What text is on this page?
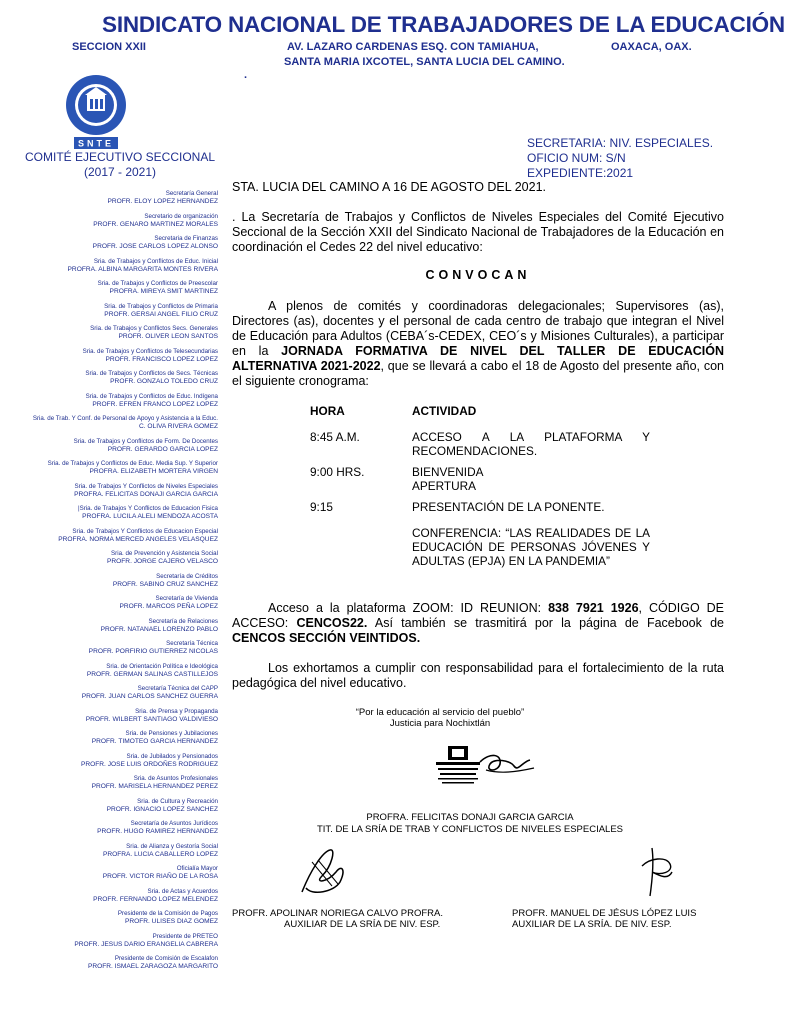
SINDICATO NACIONAL DE TRABAJADORES DE LA EDUCACIÓN
SECCION XXII	AV. LAZARO CARDENAS ESQ. CON TAMIAHUA,	OAXACA, OAX.
SANTA MARIA IXCOTEL, SANTA LUCIA DEL CAMINO.
.
SNTE
COMITÉ EJECUTIVO SECCIONAL
(2017 - 2021)
SECRETARIA: NIV. ESPECIALES.
OFICIO NUM: S/N
EXPEDIENTE:2021
Secretaría General
PROFR. ELOY LOPEZ HERNANDEZ
Secretario de organización
PROFR. GENARO MARTINEZ MORALES
Secretaria de Finanzas
PROFR. JOSE CARLOS LOPEZ ALONSO
Sria. de Trabajos y Conflictos de Educ. Inicial
PROFRA. ALBINA MARGARITA MONTES RIVERA
Sria. de Trabajos y Conflictos de Preescolar
PROFRA. MIREYA SMIT MARTINEZ
Sria. de Trabajos y Conflictos de Primaria
PROFR. GERSAI ANGEL FILIO CRUZ
Sria. de Trabajos y Conflictos Secs. Generales
PROFR. OLIVER LEON SANTOS
Sria. de Trabajos y Conflictos de Telesecundarias
PROFR. FRANCISCO LOPEZ LOPEZ
Sria. de Trabajos y Conflictos de Secs. Técnicas
PROFR. GONZALO TOLEDO CRUZ
Sria. de Trabajos y Conflictos de Educ. Indígena
PROFR. EFREN FRANCO LOPEZ LOPEZ
Sria. de Trab. Y Conf. de Personal de Apoyo y Asistencia a la Educ.
C. OLIVA RIVERA GOMEZ
Sria. de Trabajos y Conflictos de Form. De Docentes
PROFR. GERARDO GARCIA LOPEZ
Sria. de Trabajos y Conflictos de Educ. Media Sup. Y Superior
PROFRA. ELIZABETH MORTERA VIRGEN
Sria. de Trabajos Y Conflictos de Niveles Especiales
PROFRA. FELICITAS DONAJI GARCIA GARCIA
|Sria. de Trabajos Y Conflictos de Educacion Fisica
PROFRA. LUCILA ALELI MENDOZA ACOSTA
Sria. de Trabajos Y Conflictos de Educacion Especial
PROFRA. NORMA MERCED ANGELES VELASQUEZ
Sria. de Prevención y Asistencia Social
PROFR. JORGE CAJERO VELASCO
Secretaría de Créditos
PROFR. SABINO CRUZ SANCHEZ
Secretaría de Vivienda
PROFR. MARCOS PEÑA LOPEZ
Secretaría de Relaciones
PROFR. NATANAEL LORENZO PABLO
Secretaría Técnica
PROFR. PORFIRIO GUTIERREZ NICOLAS
Sria. de Orientación Política e Ideológica
PROFR. GERMAN SALINAS CASTILLEJOS
Secretaría Técnica del CAPP
PROFR. JUAN CARLOS SANCHEZ GUERRA
Sria. de Prensa y Propaganda
PROFR. WILBERT SANTIAGO VALDIVIESO
Sria. de Pensiones y Jubilaciones
PROFR. TIMOTEO GARCIA HERNANDEZ
Sria. de Jubilados y Pensionados
PROFR. JOSE LUIS ORDOÑES RODRIGUEZ
Sria. de Asuntos Profesionales
PROFR. MARISELA HERNANDEZ PEREZ
Sria. de Cultura y Recreación
PROFR. IGNACIO LOPEZ SANCHEZ
Secretaría de Asuntos Jurídicos
PROFR. HUGO RAMIREZ HERNANDEZ
Sria. de Alianza y Gestoría Social
PROFRA. LUCIA CABALLERO LOPEZ
Oficialía Mayor
PROFR. VICTOR RIAÑO DE LA ROSA
Sria. de Actas y Acuerdos
PROFR. FERNANDO LOPEZ MELENDEZ
Presidente de la Comisión de Pagos
PROFR. ULISES DIAZ GOMEZ
Presidente de PRETEO
PROFR. JESUS DARIO ERANGELIA CABRERA
Presidente de Comisión de Escalafon
PROFR. ISMAEL ZARAGOZA MARGARITO
STA. LUCIA DEL CAMINO A 16 DE AGOSTO DEL 2021.
. La Secretaría de Trabajos y Conflictos de Niveles Especiales del Comité Ejecutivo Seccional de la Sección XXII del Sindicato Nacional de Trabajadores de la Educación en coordinación el Cedes 22 del nivel educativo:
CONVOCAN
A plenos de comités y coordinadoras delegacionales; Supervisores (as), Directores (as), docentes y el personal de cada centro de trabajo que integran el Nivel de Educación para Adultos (CEBA´s-CEDEX, CEO´s y Misiones Culturales), a participar en la JORNADA FORMATIVA DE NIVEL DEL TALLER DE EDUCACIÓN ALTERNATIVA 2021-2022, que se llevará a cabo el 18 de Agosto del presente año, con el siguiente cronograma:
HORA	ACTIVIDAD
8:45 A.M.	ACCESO A LA PLATAFORMA Y RECOMENDACIONES.
9:00 HRS.	BIENVENIDA
APERTURA
9:15	PRESENTACIÓN DE LA PONENTE.
CONFERENCIA: “LAS REALIDADES DE LA EDUCACIÓN DE PERSONAS JÓVENES Y ADULTAS (EPJA) EN LA PANDEMIA”
Acceso a la plataforma ZOOM: ID REUNION: 838 7921 1926, CÓDIGO DE ACCESO: CENCOS22. Así también se trasmitirá por la página de Facebook de CENCOS SECCIÓN VEINTIDOS.
Los exhortamos a cumplir con responsabilidad para el fortalecimiento de la ruta pedagógica del nivel educativo.
“Por la educación al servicio del pueblo”
Justicia para Nochixtlán
PROFRA. FELICITAS DONAJI GARCIA GARCIA
TIT. DE LA SRÍA DE TRAB Y CONFLICTOS DE NIVELES ESPECIALES
PROFR. APOLINAR NORIEGA CALVO PROFRA.
AUXILIAR DE LA SRÍA DE NIV. ESP.
PROFR. MANUEL DE JÉSUS LÓPEZ LUIS
AUXILIAR DE LA SRÍA. DE NIV. ESP.
